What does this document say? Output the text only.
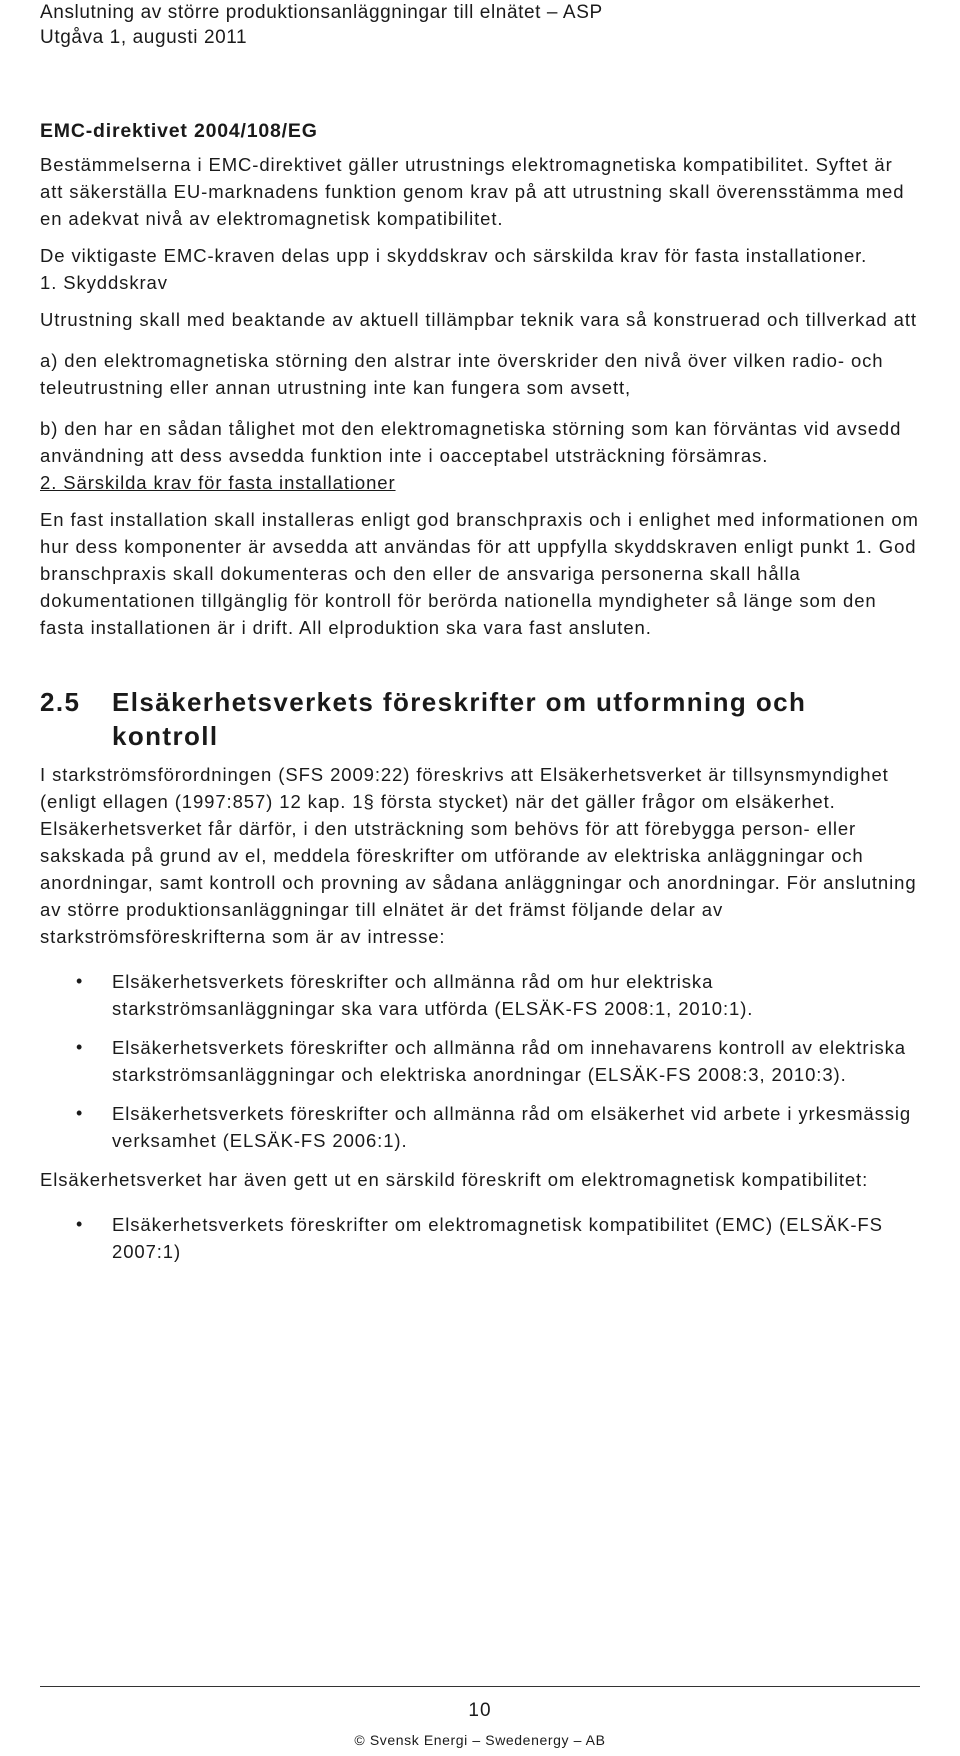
Anslutning av större produktionsanläggningar till elnätet – ASP
Utgåva 1, augusti 2011

EMC-direktivet 2004/108/EG

Bestämmelserna i EMC-direktivet gäller utrustnings elektromagnetiska kompatibilitet. Syftet är att säkerställa EU-marknadens funktion genom krav på att utrustning skall överensstämma med en adekvat nivå av elektromagnetisk kompatibilitet.

De viktigaste EMC-kraven delas upp i skyddskrav och särskilda krav för fasta installationer.

1. Skyddskrav

Utrustning skall med beaktande av aktuell tillämpbar teknik vara så konstruerad och tillverkad att

a) den elektromagnetiska störning den alstrar inte överskrider den nivå över vilken radio- och teleutrustning eller annan utrustning inte kan fungera som avsett,

b) den har en sådan tålighet mot den elektromagnetiska störning som kan förväntas vid avsedd användning att dess avsedda funktion inte i oacceptabel utsträckning försämras.

2. Särskilda krav för fasta installationer

En fast installation skall installeras enligt god branschpraxis och i enlighet med informationen om hur dess komponenter är avsedda att användas för att uppfylla skyddskraven enligt punkt 1. God branschpraxis skall dokumenteras och den eller de ansvariga personerna skall hålla dokumentationen tillgänglig för kontroll för berörda nationella myndigheter så länge som den fasta installationen är i drift. All elproduktion ska vara fast ansluten.

2.5	Elsäkerhetsverkets föreskrifter om utformning och kontroll

I starkströmsförordningen (SFS 2009:22) föreskrivs att Elsäkerhetsverket är tillsynsmyndighet (enligt ellagen (1997:857) 12 kap. 1§ första stycket) när det gäller frågor om elsäkerhet. Elsäkerhetsverket får därför, i den utsträckning som behövs för att förebygga person- eller sakskada på grund av el, meddela föreskrifter om utförande av elektriska anläggningar och anordningar, samt kontroll och provning av sådana anläggningar och anordningar. För anslutning av större produktionsanläggningar till elnätet är det främst följande delar av starkströmsföreskrifterna som är av intresse:

•	Elsäkerhetsverkets föreskrifter och allmänna råd om hur elektriska starkströmsanläggningar ska vara utförda (ELSÄK-FS 2008:1, 2010:1).
•	Elsäkerhetsverkets föreskrifter och allmänna råd om innehavarens kontroll av elektriska starkströmsanläggningar och elektriska anordningar (ELSÄK-FS 2008:3, 2010:3).
•	Elsäkerhetsverkets föreskrifter och allmänna råd om elsäkerhet vid arbete i yrkesmässig verksamhet (ELSÄK-FS 2006:1).

Elsäkerhetsverket har även gett ut en särskild föreskrift om elektromagnetisk kompatibilitet:

•	Elsäkerhetsverkets föreskrifter om elektromagnetisk kompatibilitet (EMC) (ELSÄK-FS 2007:1)
10
© Svensk Energi – Swedenergy – AB
